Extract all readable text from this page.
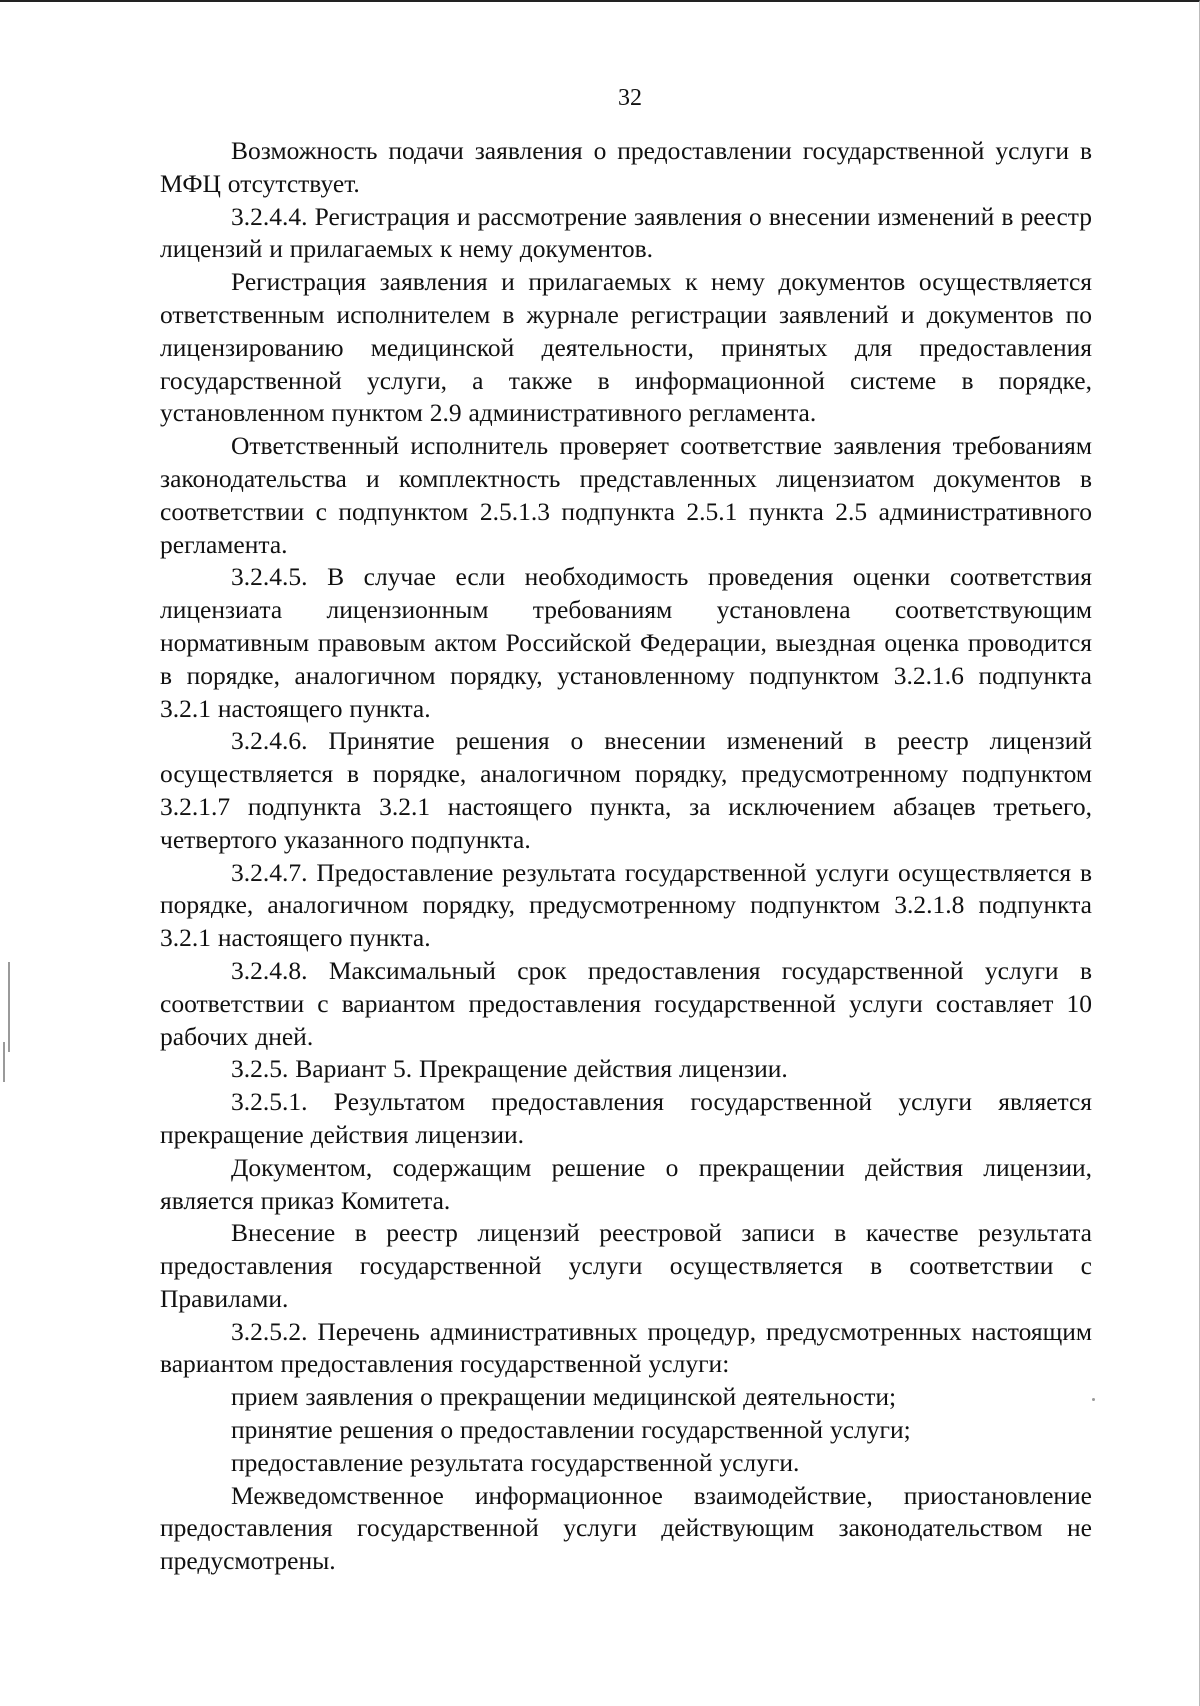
32

Возможность подачи заявления о предоставлении государственной услуги в МФЦ отсутствует.

3.2.4.4. Регистрация и рассмотрение заявления о внесении изменений в реестр лицензий и прилагаемых к нему документов.

Регистрация заявления и прилагаемых к нему документов осуществляется ответственным исполнителем в журнале регистрации заявлений и документов по лицензированию медицинской деятельности, принятых для предоставления государственной услуги, а также в информационной системе в порядке, установленном пунктом 2.9 административного регламента.

Ответственный исполнитель проверяет соответствие заявления требованиям законодательства и комплектность представленных лицензиатом документов в соответствии с подпунктом 2.5.1.3 подпункта 2.5.1 пункта 2.5 административного регламента.

3.2.4.5. В случае если необходимость проведения оценки соответствия лицензиата лицензионным требованиям установлена соответствующим нормативным правовым актом Российской Федерации, выездная оценка проводится в порядке, аналогичном порядку, установленному подпунктом 3.2.1.6 подпункта 3.2.1 настоящего пункта.

3.2.4.6. Принятие решения о внесении изменений в реестр лицензий осуществляется в порядке, аналогичном порядку, предусмотренному подпунктом 3.2.1.7 подпункта 3.2.1 настоящего пункта, за исключением абзацев третьего, четвертого указанного подпункта.

3.2.4.7. Предоставление результата государственной услуги осуществляется в порядке, аналогичном порядку, предусмотренному подпунктом 3.2.1.8 подпункта 3.2.1 настоящего пункта.

3.2.4.8. Максимальный срок предоставления государственной услуги в соответствии с вариантом предоставления государственной услуги составляет 10 рабочих дней.

3.2.5. Вариант 5. Прекращение действия лицензии.

3.2.5.1. Результатом предоставления государственной услуги является прекращение действия лицензии.

Документом, содержащим решение о прекращении действия лицензии, является приказ Комитета.

Внесение в реестр лицензий реестровой записи в качестве результата предоставления государственной услуги осуществляется в соответствии с Правилами.

3.2.5.2. Перечень административных процедур, предусмотренных настоящим вариантом предоставления государственной услуги:

прием заявления о прекращении медицинской деятельности;

принятие решения о предоставлении государственной услуги;

предоставление результата государственной услуги.

Межведомственное информационное взаимодействие, приостановление предоставления государственной услуги действующим законодательством не предусмотрены.
